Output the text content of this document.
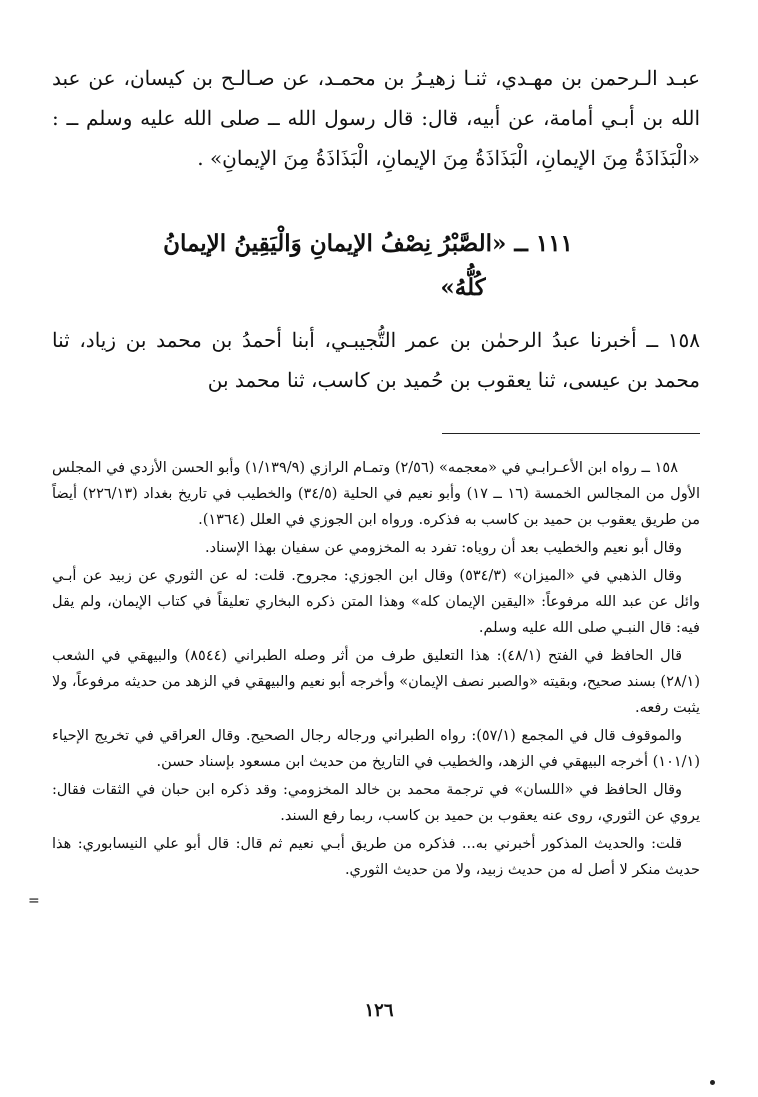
عبـد الـرحمن بن مهـدي، ثنـا زهيـرُ بن محمـد، عن صـالـح بن كيسان، عن عبد الله بن أبـي أمامة، عن أبيه، قال: قال رسول الله ــ صلى الله عليه وسلم ــ : «الْبَذَاذَةُ مِنَ الإيمانِ، الْبَذَاذَةُ مِنَ الإيمانِ، الْبَذَاذَةُ مِنَ الإيمانِ» .

١١١ ــ «الصَّبْرُ نِصْفُ الإيمانِ وَالْيَقِينُ الإيمانُ
كُلُّهُ»

١٥٨ ــ أخبرنا عبدُ الرحمٰن بن عمر التُّجيبـي، أبنا أحمدُ بن محمد بن زياد، ثنا محمد بن عيسى، ثنا يعقوب بن حُميد بن كاسب، ثنا محمد بن

١٥٨ ــ رواه ابن الأعـرابـي في «معجمه» (٢/٥٦) وتمـام الرازي (١/١٣٩/٩) وأبو الحسن الأزدي في المجلس الأول من المجالس الخمسة (١٦ ــ ١٧) وأبو نعيم في الحلية (٣٤/٥) والخطيب في تاريخ بغداد (٢٢٦/١٣) أيضاً من طريق يعقوب بن حميد بن كاسب به فذكره. ورواه ابن الجوزي في العلل (١٣٦٤).

وقال أبو نعيم والخطيب بعد أن روياه: تفرد به المخزومي عن سفيان بهذا الإسناد.

وقال الذهبي في «الميزان» (٥٣٤/٣) وقال ابن الجوزي: مجروح. قلت: له عن الثوري عن زبيد عن أبـي وائل عن عبد الله مرفوعاً: «اليقين الإيمان كله» وهذا المتن ذكره البخاري تعليقاً في كتاب الإيمان، ولم يقل فيه: قال النبـي صلى الله عليه وسلم.

قال الحافظ في الفتح (٤٨/١): هذا التعليق طرف من أثر وصله الطبراني (٨٥٤٤) والبيهقي في الشعب (٢٨/١) بسند صحيح، وبقيته «والصبر نصف الإيمان» وأخرجه أبو نعيم والبيهقي في الزهد من حديثه مرفوعاً، ولا يثبت رفعه.

والموقوف قال في المجمع (٥٧/١): رواه الطبراني ورجاله رجال الصحيح. وقال العراقي في تخريج الإحياء (١٠١/١) أخرجه البيهقي في الزهد، والخطيب في التاريخ من حديث ابن مسعود بإسناد حسن.

وقال الحافظ في «اللسان» في ترجمة محمد بن خالد المخزومي: وقد ذكره ابن حبان في الثقات فقال: يروي عن الثوري، روى عنه يعقوب بن حميد بن كاسب، ربما رفع السند.

قلت: والحديث المذكور أخبرني به... فذكره من طريق أبـي نعيم ثم قال: قال أبو علي النيسابوري: هذا حديث منكر لا أصل له من حديث زبيد، ولا من حديث الثوري.

=
١٢٦
